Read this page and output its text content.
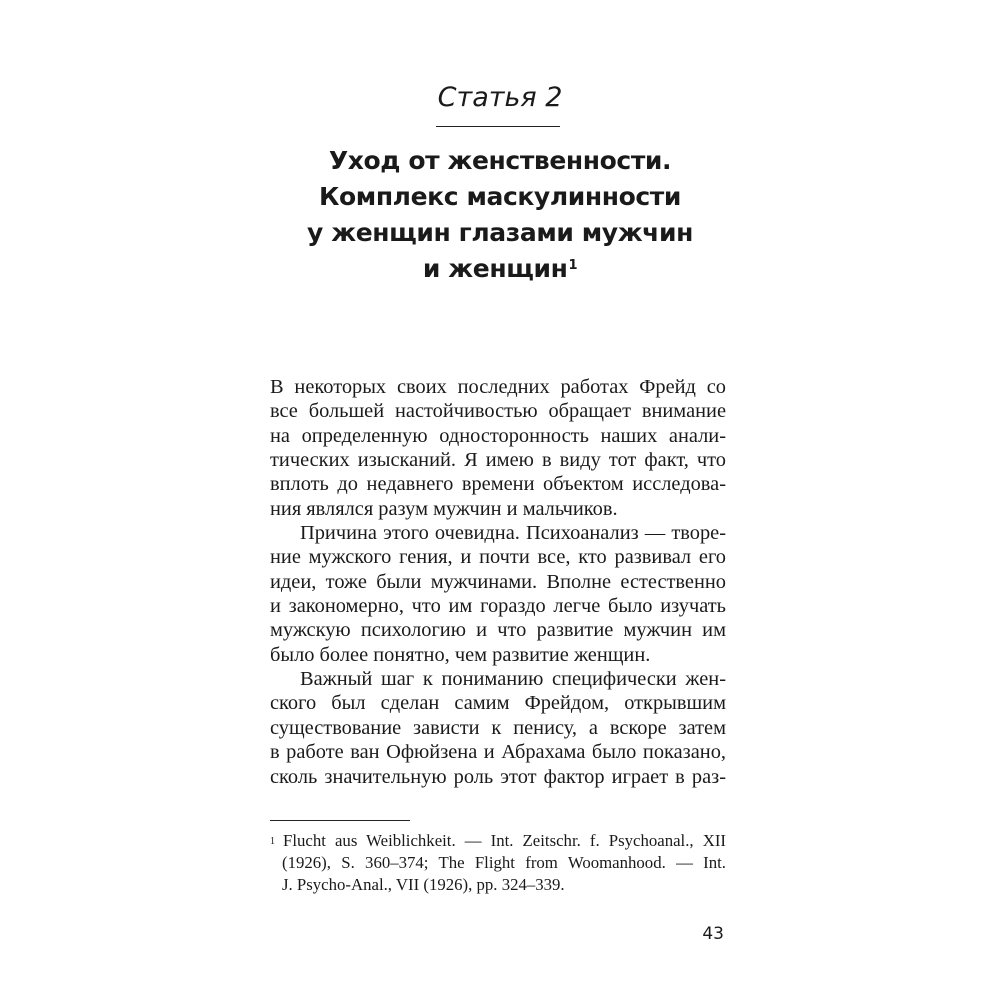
Статья 2
Уход от женственности.
Комплекс маскулинности
у женщин глазами мужчин
и женщин$^1$
В некоторых своих последних работах Фрейд со
все большей настойчивостью обращает внимание
на определенную односторонность наших анали-
тических изысканий. Я имею в виду тот факт, что
вплоть до недавнего времени объектом исследова-
ния являлся разум мужчин и мальчиков.
Причина этого очевидна. Психоанализ — творе-
ние мужского гения, и почти все, кто развивал его
идеи, тоже были мужчинами. Вполне естественно
и закономерно, что им гораздо легче было изучать
мужскую психологию и что развитие мужчин им
было более понятно, чем развитие женщин.
Важный шаг к пониманию специфически жен-
ского был сделан самим Фрейдом, открывшим
существование зависти к пенису, а вскоре затем
в работе ван Офюйзена и Абрахама было показано,
сколь значительную роль этот фактор играет в раз-
$^1$ Flucht aus Weiblichkeit. — Int. Zeitschr. f. Psychoanal., XII
(1926), S. 360–374; The Flight from Woomanhood. — Int.
J. Psycho-Anal., VII (1926), pp. 324–339.
43
